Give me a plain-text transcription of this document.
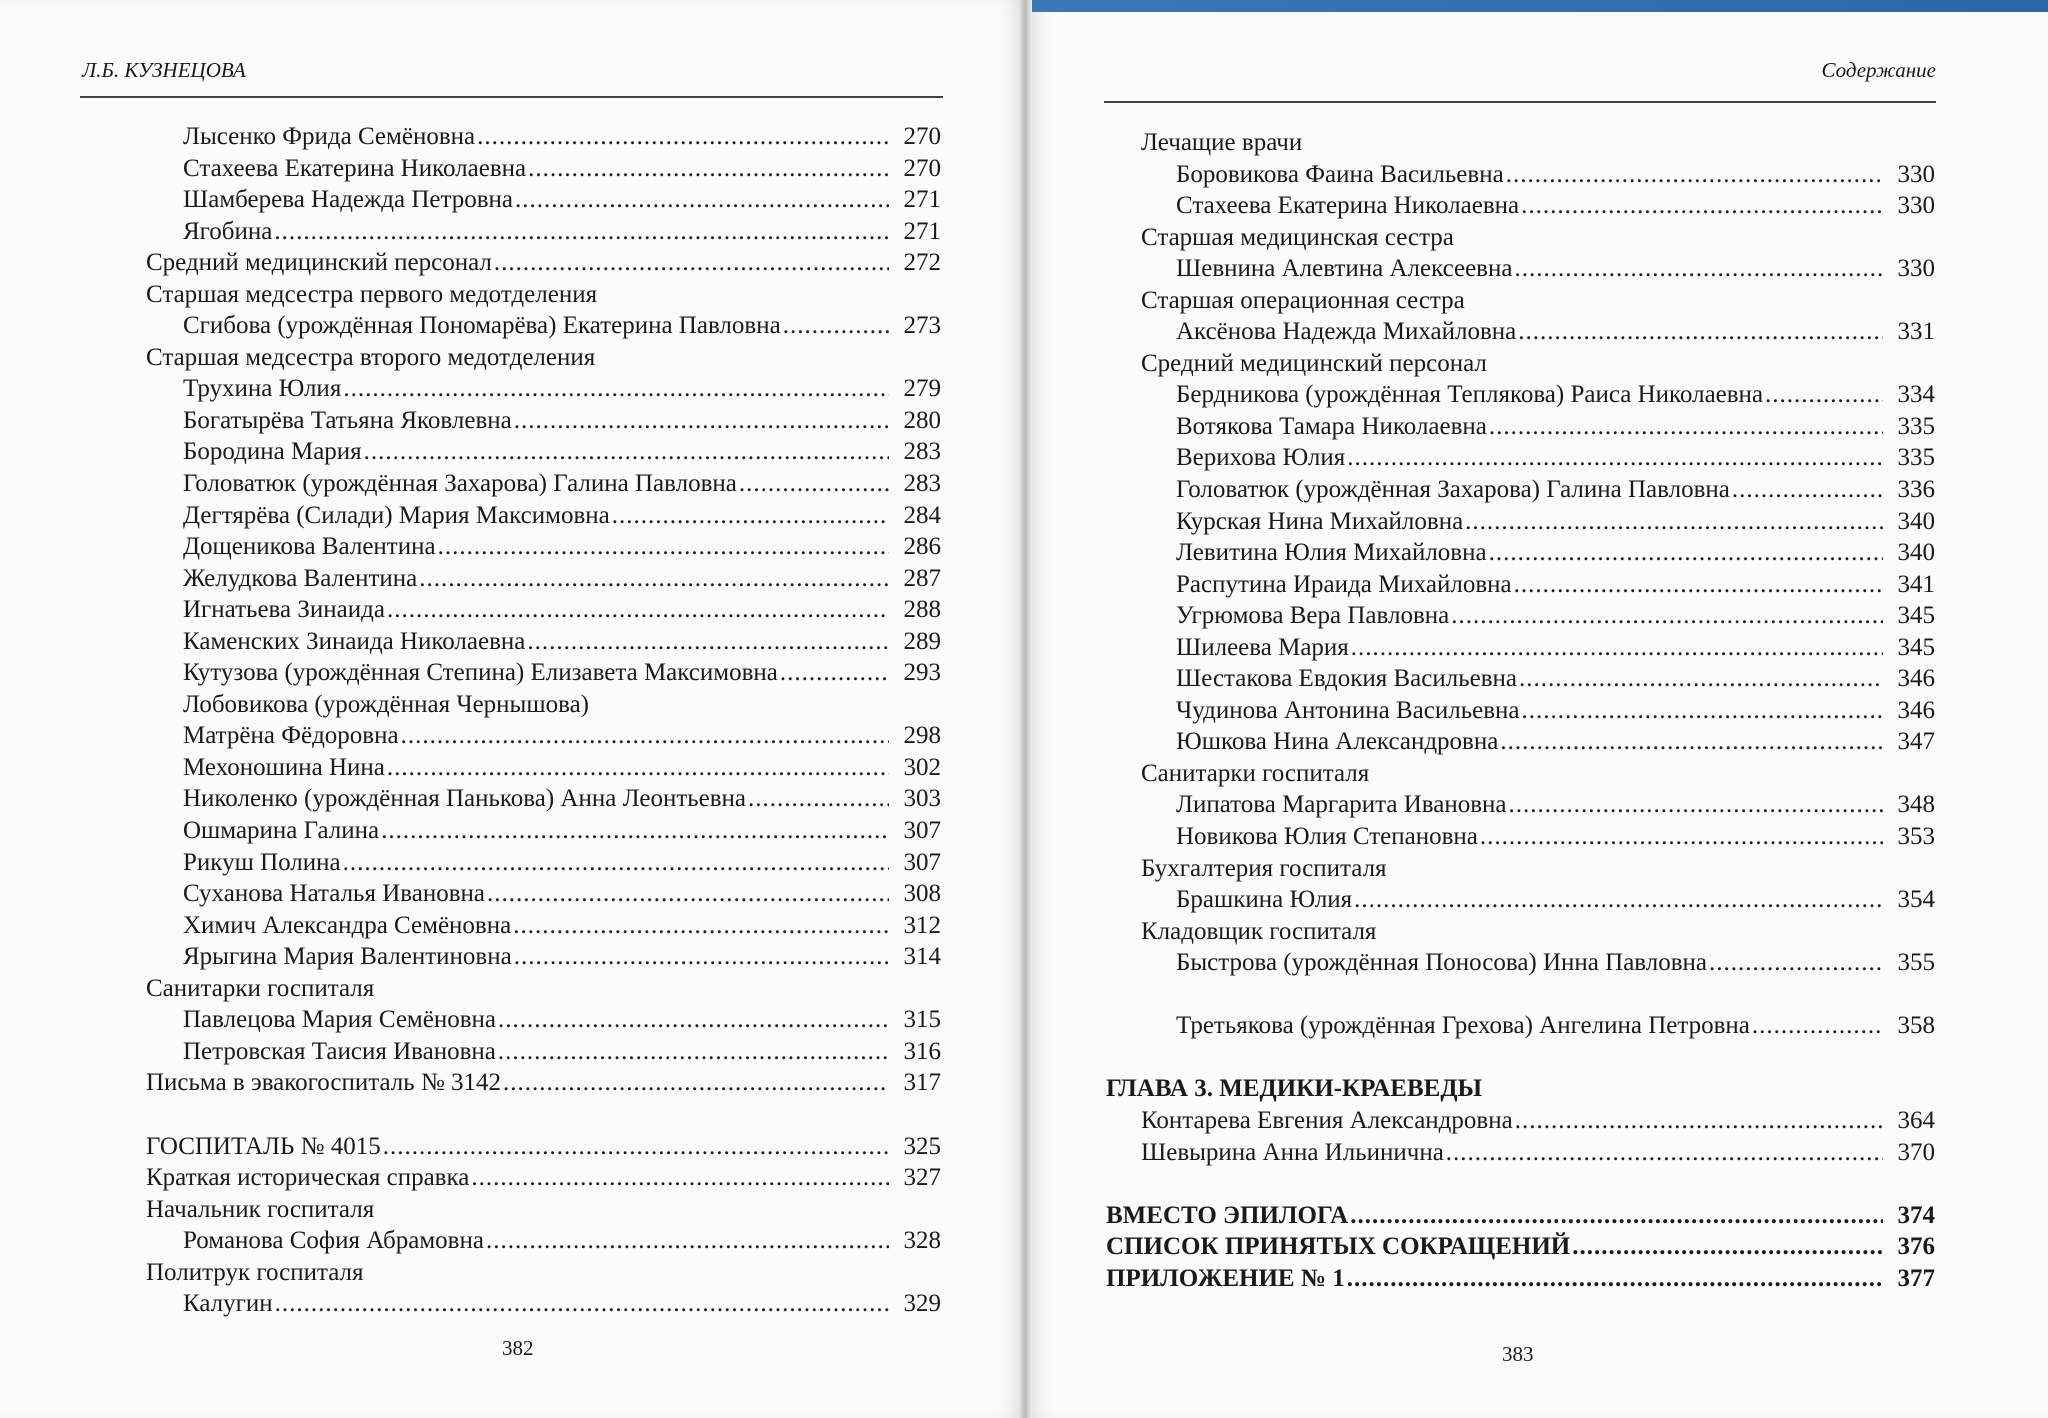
Л.Б. КУЗНЕЦОВА	Содержание
Лысенко Фрида Семёновна .....	270
Стахеева Екатерина Николаевна .....	270
Шамберева Надежда Петровна .....	271
Ягобина .....	271
Средний медицинский персонал .....	272
Старшая медсестра первого медотделения
Сгибова (урождённая Пономарёва) Екатерина Павловна .....	273
Старшая медсестра второго медотделения
Трухина Юлия .....	279
Богатырёва Татьяна Яковлевна .....	280
Бородина Мария .....	283
Головатюк (урождённая Захарова) Галина Павловна .....	283
Дегтярёва (Силади) Мария Максимовна .....	284
Дощеникова Валентина .....	286
Желудкова Валентина .....	287
Игнатьева Зинаида .....	288
Каменских Зинаида Николаевна .....	289
Кутузова (урождённая Степина) Елизавета Максимовна .....	293
Лобовикова (урождённая Чернышова)
Матрёна Фёдоровна .....	298
Мехоношина Нина .....	302
Николенко (урождённая Панькова) Анна Леонтьевна .....	303
Ошмарина Галина .....	307
Рикуш Полина .....	307
Суханова Наталья Ивановна .....	308
Химич Александра Семёновна .....	312
Ярыгина Мария Валентиновна .....	314
Санитарки госпиталя
Павлецова Мария Семёновна .....	315
Петровская Таисия Ивановна .....	316
Письма в эвакогоспиталь № 3142 .....	317
ГОСПИТАЛЬ № 4015 .....	325
Краткая историческая справка .....	327
Начальник госпиталя
Романова София Абрамовна .....	328
Политрук госпиталя
Калугин .....	329
Лечащие врачи
Боровикова Фаина Васильевна .....	330
Стахеева Екатерина Николаевна .....	330
Старшая медицинская сестра
Шевнина Алевтина Алексеевна .....	330
Старшая операционная сестра
Аксёнова Надежда Михайловна .....	331
Средний медицинский персонал
Бердникова (урождённая Теплякова) Раиса Николаевна .....	334
Вотякова Тамара Николаевна .....	335
Верихова Юлия .....	335
Головатюк (урождённая Захарова) Галина Павловна .....	336
Курская Нина Михайловна .....	340
Левитина Юлия Михайловна .....	340
Распутина Ираида Михайловна .....	341
Угрюмова Вера Павловна .....	345
Шилеева Мария .....	345
Шестакова Евдокия Васильевна .....	346
Чудинова Антонина Васильевна .....	346
Юшкова Нина Александровна .....	347
Санитарки госпиталя
Липатова Маргарита Ивановна .....	348
Новикова Юлия Степановна .....	353
Бухгалтерия госпиталя
Брашкина Юлия .....	354
Кладовщик госпиталя
Быстрова (урождённая Поносова) Инна Павловна .....	355
Третьякова (урождённая Грехова) Ангелина Петровна .....	358
ГЛАВА 3. МЕДИКИ-КРАЕВЕДЫ
Контарева Евгения Александровна .....	364
Шевырина Анна Ильинична .....	370
ВМЕСТО ЭПИЛОГА .....	374
СПИСОК ПРИНЯТЫХ СОКРАЩЕНИЙ .....	376
ПРИЛОЖЕНИЕ № 1 .....	377
382	383
